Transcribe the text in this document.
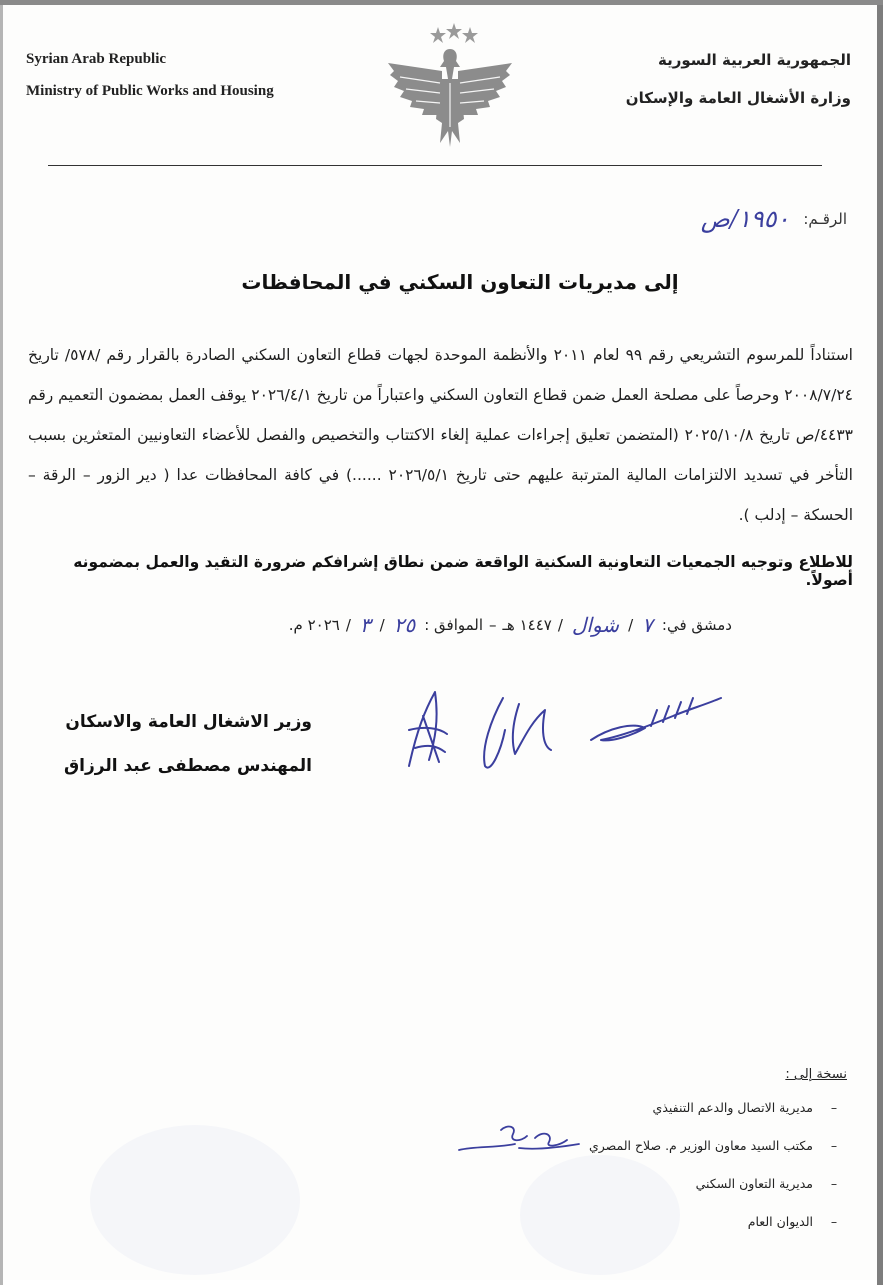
Syrian Arab Republic
Ministry of Public Works and Housing
الجمهورية العربية السورية
وزارة الأشغال العامة والإسكان
الرقـم:
١٩٥٠/ص
إلى مديريات التعاون السكني في المحافظات
استناداً للمرسوم التشريعي رقم ٩٩ لعام ٢٠١١ والأنظمة الموحدة لجهات قطاع التعاون السكني الصادرة بالقرار رقم /٥٧٨/ تاريخ ٢٠٠٨/٧/٢٤ وحرصاً على مصلحة العمل ضمن قطاع التعاون السكني واعتباراً من تاريخ ٢٠٢٦/٤/١ يوقف العمل بمضمون التعميم رقم ٤٤٣٣/ص تاريخ ٢٠٢٥/١٠/٨ (المتضمن تعليق إجراءات عملية إلغاء الاكتتاب والتخصيص والفصل للأعضاء التعاونيين المتعثرين بسبب التأخر في تسديد الالتزامات المالية المترتبة عليهم حتى تاريخ ٢٠٢٦/٥/١ ......) في كافة المحافظات عدا ( دير الزور – الرقة – الحسكة – إدلب ).
للاطلاع وتوجيه الجمعيات التعاونية السكنية الواقعة ضمن نطاق إشرافكم ضرورة التقيد والعمل بمضمونه أصولاً.
دمشق في:
٧
/
شوال
/
١٤٤٧ هـ
–
الموافق :
٢٥
/
٣
/
٢٠٢٦ م.
وزير الاشغال العامة والاسكان
المهندس مصطفى عبد الرزاق
نسخة إلى :
–
مديرية الاتصال والدعم التنفيذي
–
مكتب السيد معاون الوزير م. صلاح المصري
–
مديرية التعاون السكني
–
الديوان العام
